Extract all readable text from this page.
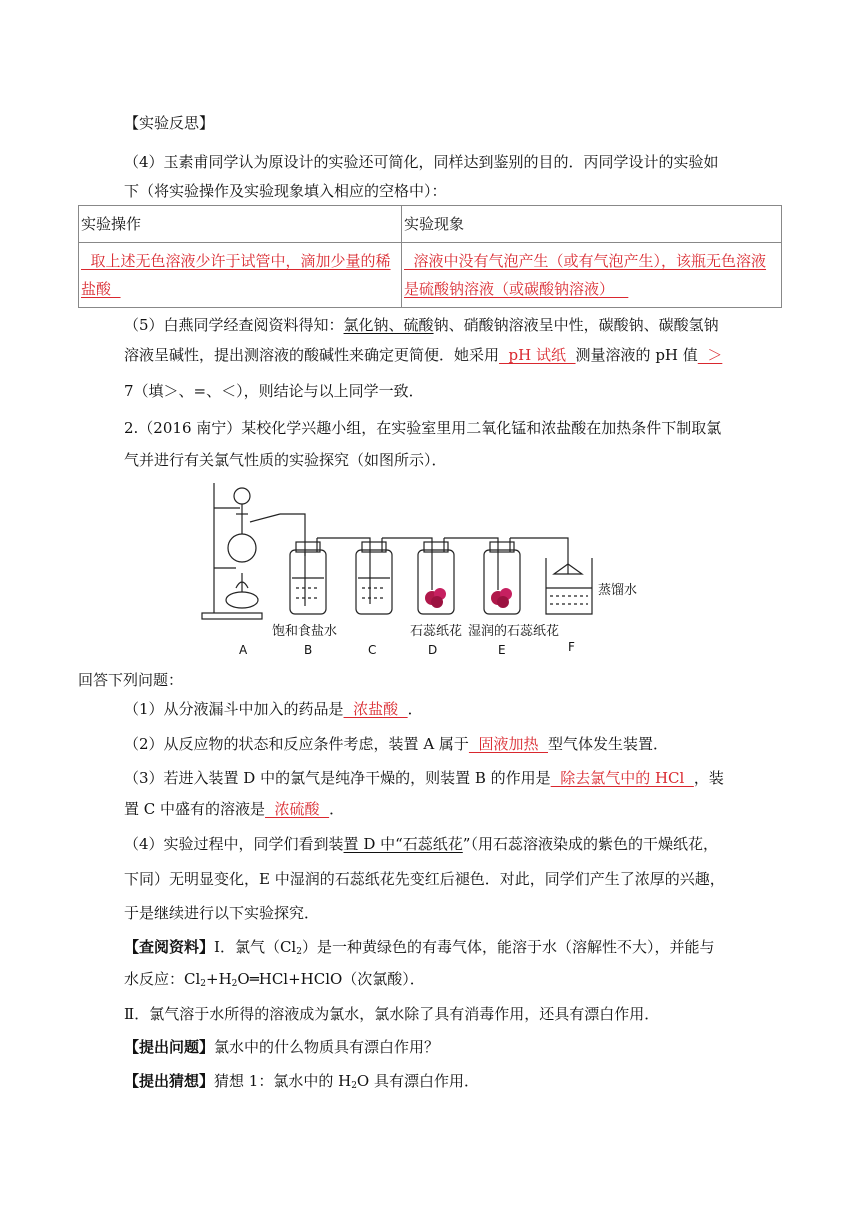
【实验反思】
（4）玉素甫同学认为原设计的实验还可简化，同样达到鉴别的目的．丙同学设计的实验如
下（将实验操作及实验现象填入相应的空格中）：
实验操作	实验现象
取上述无色溶液少许于试管中，滴加少量的稀
盐酸	溶液中没有气泡产生（或有气泡产生），该瓶无色溶液
是硫酸钠溶液（或碳酸钠溶液）
（5）白燕同学经查阅资料得知：氯化钠、硫酸钠、硝酸钠溶液呈中性，碳酸钠、碳酸氢钠
溶液呈碱性，提出测溶液的酸碱性来确定更简便．她采用  pH 试纸  测量溶液的 pH 值  ＞
7（填＞、=、＜），则结论与以上同学一致．
2.（2016 南宁）某校化学兴趣小组，在实验室里用二氧化锰和浓盐酸在加热条件下制取氯
气并进行有关氯气性质的实验探究（如图所示）．
饱和食盐水	石蕊纸花 湿润的石蕊纸花
蒸馏水
A	B	C	D	E	F
回答下列问题：
（1）从分液漏斗中加入的药品是  浓盐酸  ．
（2）从反应物的状态和反应条件考虑，装置 A 属于  固液加热  型气体发生装置．
（3）若进入装置 D 中的氯气是纯净干燥的，则装置 B 的作用是  除去氯气中的 HCl  ，装
置 C 中盛有的溶液是  浓硫酸  ．
（4）实验过程中，同学们看到装置 D 中“石蕊纸花”（用石蕊溶液染成的紫色的干燥纸花，
下同）无明显变化，E 中湿润的石蕊纸花先变红后褪色．对此，同学们产生了浓厚的兴趣，
于是继续进行以下实验探究．
【查阅资料】Ⅰ．氯气$(Cl_2)$是一种黄绿色的有毒气体，能溶于水（溶解性不大），并能与
水反应：$Cl_2+H_2O═HCl+HClO$（次氯酸）．
Ⅱ．氯气溶于水所得的溶液成为氯水，氯水除了具有消毒作用，还具有漂白作用．
【提出问题】氯水中的什么物质具有漂白作用？
【提出猜想】猜想 1：氯水中的 $H_2O$ 具有漂白作用．
